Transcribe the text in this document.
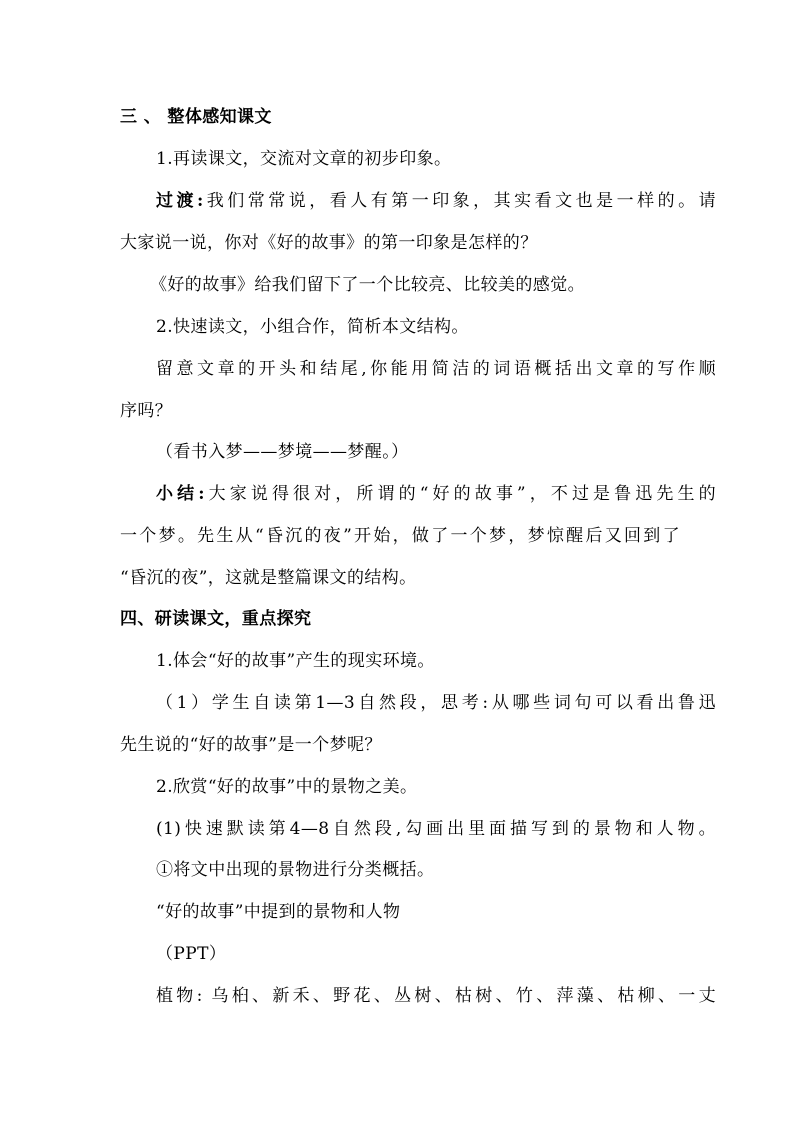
三 、 整体感知课文
1.再读课文，交流对文章的初步印象。
过渡:我们常常说，看人有第一印象，其实看文也是一样的。请
大家说一说，你对《好的故事》的第一印象是怎样的？
《好的故事》给我们留下了一个比较亮、比较美的感觉。
2.快速读文，小组合作，简析本文结构。
留意文章的开头和结尾,你能用简洁的词语概括出文章的写作顺
序吗？
（看书入梦——梦境——梦醒。）
小结:大家说得很对，所谓的“好的故事”，不过是鲁迅先生的
一个梦。先生从“昏沉的夜”开始，做了一个梦，梦惊醒后又回到了
“昏沉的夜”，这就是整篇课文的结构。
四、研读课文，重点探究
1.体会“好的故事”产生的现实环境。
（1）学生自读第1—3自然段，思考:从哪些词句可以看出鲁迅
先生说的“好的故事”是一个梦呢？
2.欣赏“好的故事”中的景物之美。
(1)快速默读第4—8自然段,勾画出里面描写到的景物和人物。
①将文中出现的景物进行分类概括。
“好的故事”中提到的景物和人物
（PPT）
植物: 乌桕、新禾、野花、丛树、枯树、竹、萍藻、枯柳、一丈
